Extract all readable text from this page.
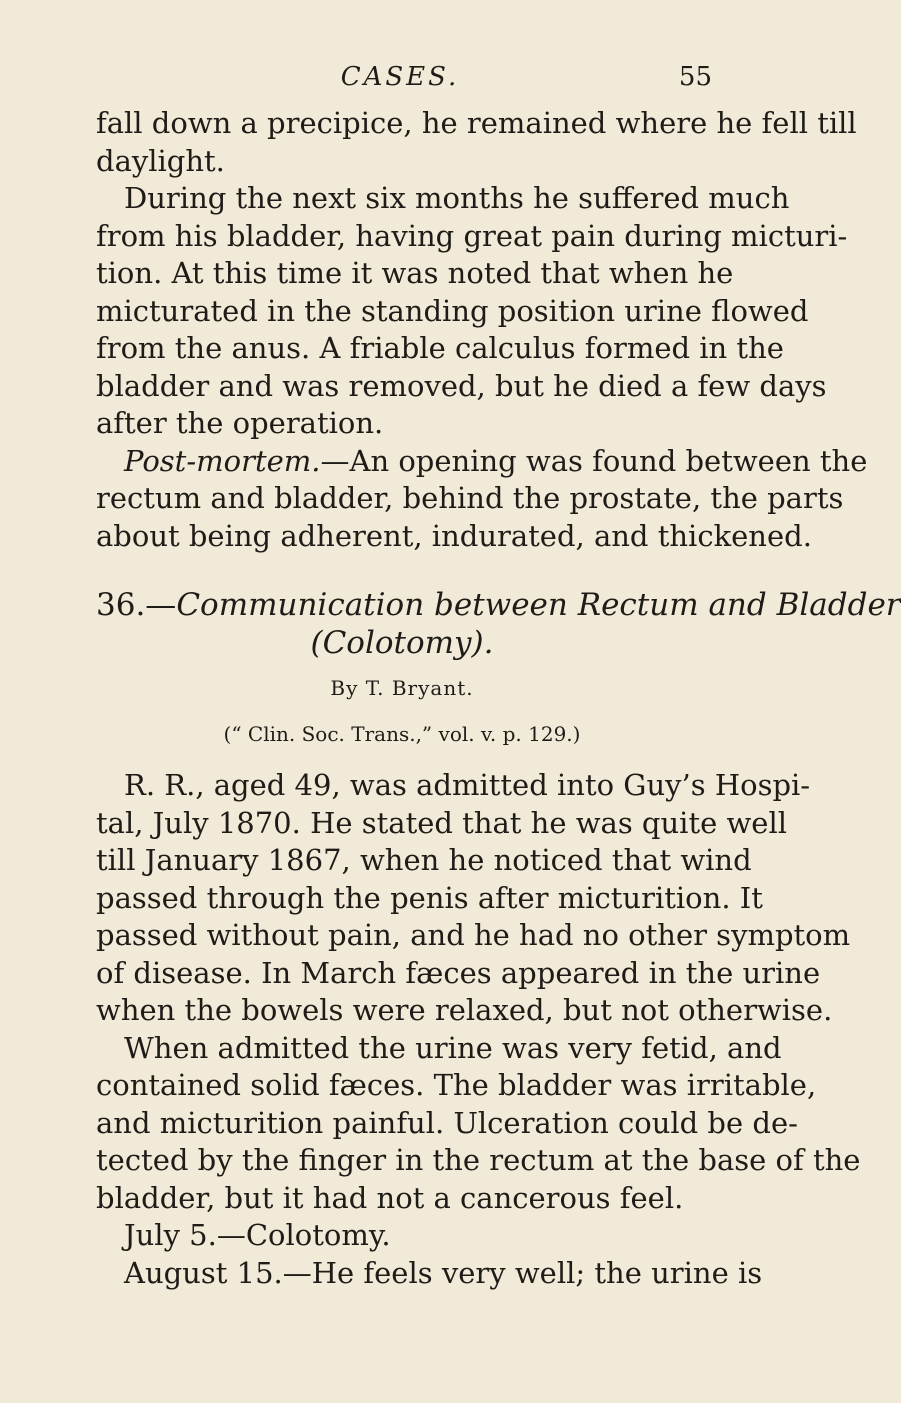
CASES.	55
fall down a precipice, he remained where he fell till
daylight.
During the next six months he suffered much
from his bladder, having great pain during micturi-
tion. At this time it was noted that when he
micturated in the standing position urine flowed
from the anus. A friable calculus formed in the
bladder and was removed, but he died a few days
after the operation.
Post-mortem.—An opening was found between the
rectum and bladder, behind the prostate, the parts
about being adherent, indurated, and thickened.
36.—Communication between Rectum and Bladder
(Colotomy).
By T. Bryant.
(“ Clin. Soc. Trans.,” vol. v. p. 129.)
R. R., aged 49, was admitted into Guy’s Hospi-
tal, July 1870. He stated that he was quite well
till January 1867, when he noticed that wind
passed through the penis after micturition. It
passed without pain, and he had no other symptom
of disease. In March fæces appeared in the urine
when the bowels were relaxed, but not otherwise.
When admitted the urine was very fetid, and
contained solid fæces. The bladder was irritable,
and micturition painful. Ulceration could be de-
tected by the finger in the rectum at the base of the
bladder, but it had not a cancerous feel.
July 5.—Colotomy.
August 15.—He feels very well; the urine is
